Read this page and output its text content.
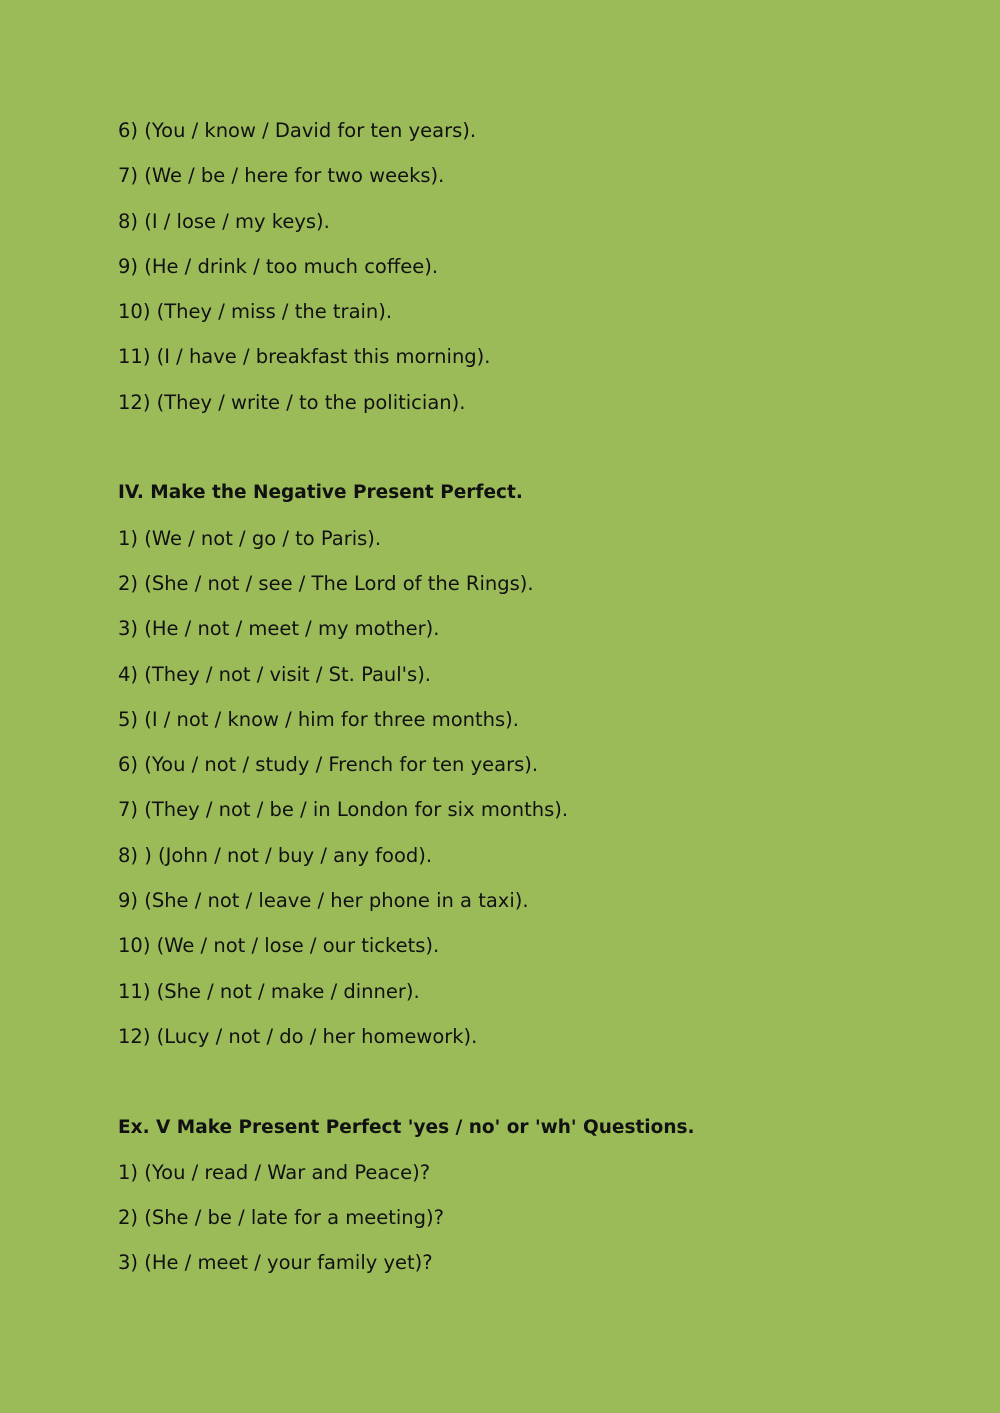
6) (You / know / David for ten years).
7) (We / be / here for two weeks).
8) (I / lose / my keys).
9) (He / drink / too much coffee).
10) (They / miss / the train).
11) (I / have / breakfast this morning).
12) (They / write / to the politician).
IV. Make the Negative Present Perfect.
1) (We / not / go / to Paris).
2) (She / not / see / The Lord of the Rings).
3) (He / not / meet / my mother).
4) (They / not / visit / St. Paul's).
5) (I / not / know / him for three months).
6) (You / not / study / French for ten years).
7) (They / not / be / in London for six months).
8) ) (John / not / buy / any food).
9) (She / not / leave / her phone in a taxi).
10) (We / not / lose / our tickets).
11) (She / not / make / dinner).
12) (Lucy / not / do / her homework).
Ex. V Make Present Perfect 'yes / no' or 'wh' Questions.
1) (You / read / War and Peace)?
2) (She / be / late for a meeting)?
3) (He / meet / your family yet)?
